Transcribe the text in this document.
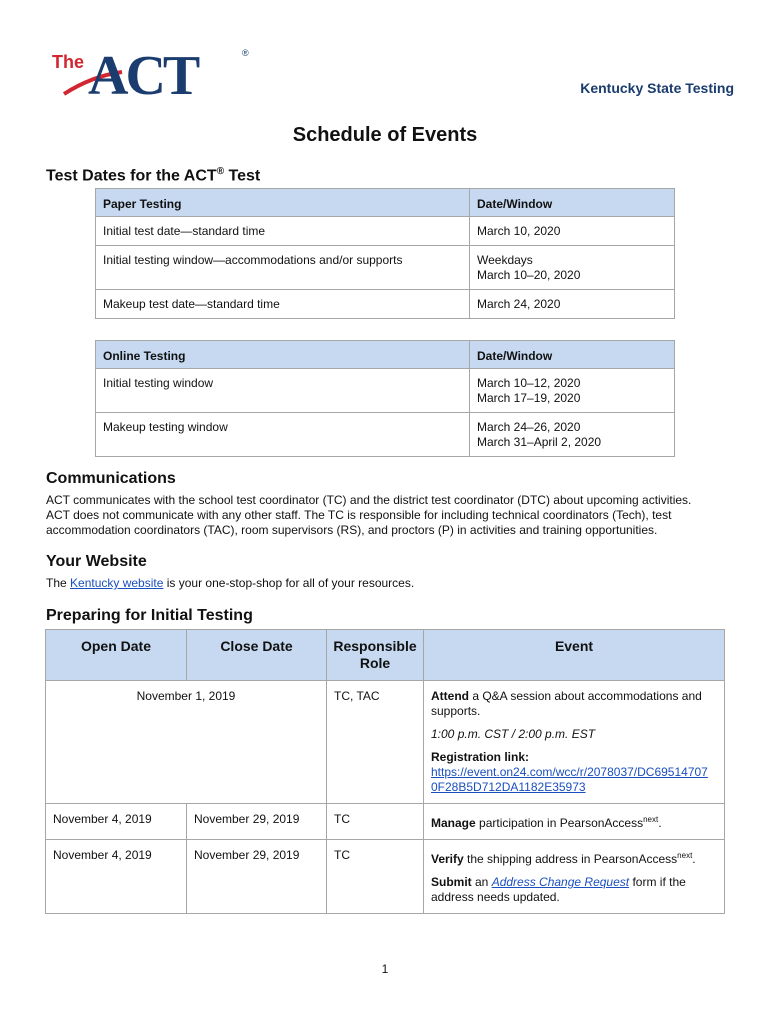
The ACT	®
Kentucky State Testing
Schedule of Events
Test Dates for the ACT® Test
Paper Testing	Date/Window
Initial test date—standard time	March 10, 2020

Initial testing window—accommodations and/or supports	Weekdays
March 10–20, 2020

Makeup test date—standard time	March 24, 2020
Online Testing	Date/Window
Initial testing window	March 10–12, 2020
March 17–19, 2020

Makeup testing window	March 24–26, 2020
March 31–April 2, 2020
Communications

ACT communicates with the school test coordinator (TC) and the district test coordinator (DTC) about upcoming activities.
ACT does not communicate with any other staff. The TC is responsible for including technical coordinators (Tech), test
accommodation coordinators (TAC), room supervisors (RS), and proctors (P) in activities and training opportunities.

Your Website

The Kentucky website is your one-stop-shop for all of your resources.

Preparing for Initial Testing
Open Date	Close Date	Responsible
Role	Event
November 1, 2019		TC, TAC	Attend a Q&A session about accommodations and supports.

1:00 p.m. CST / 2:00 p.m. EST

Registration link:
https://event.on24.com/wcc/r/2078037/DC69514707
0F28B5D712DA1182E35973

November 4, 2019	November 29, 2019	TC	Manage participation in PearsonAccess$^{next}$.
November 4, 2019	November 29, 2019	TC	Verify the shipping address in PearsonAccess$^{next}$.

Submit an Address Change Request form if the address needs updated.

1
